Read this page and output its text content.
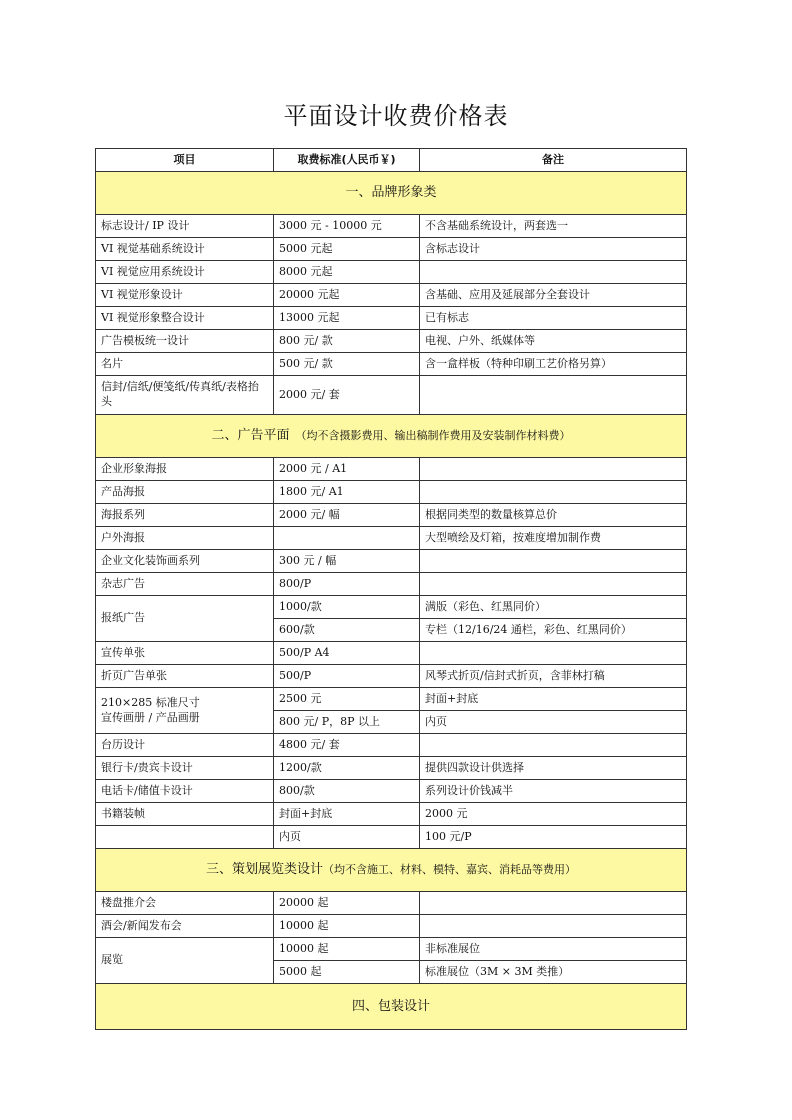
平面设计收费价格表
项目	取费标准(人民币￥)	备注
一、品牌形象类		
标志设计/ IP 设计	3000 元 - 10000 元	不含基础系统设计，两套选一
VI 视觉基础系统设计	5000 元起	含标志设计
VI 视觉应用系统设计	8000 元起	
VI 视觉形象设计	20000 元起	含基础、应用及延展部分全套设计
VI 视觉形象整合设计	13000 元起	已有标志
广告模板统一设计	800 元/ 款	电视、户外、纸媒体等
名片	500 元/ 款	含一盒样板（特种印刷工艺价格另算）
信封/信纸/便笺纸/传真纸/表格抬头	2000 元/ 套	
二、广告平面 （均不含摄影费用、输出稿制作费用及安装制作材料费）		
企业形象海报	2000 元 / A1	
产品海报	1800 元/ A1	
海报系列	2000 元/ 幅	根据同类型的数量核算总价
户外海报		大型喷绘及灯箱，按难度增加制作费
企业文化装饰画系列	300 元 / 幅	
杂志广告	800/P	
报纸广告	1000/款	满版（彩色、红黑同价）
	600/款	专栏（12/16/24 通栏，彩色、红黑同价）
宣传单张	500/P A4	
折页广告单张	500/P	风琴式折页/信封式折页，含菲林打稿

210×285 标准尺寸
宣传画册 / 产品画册	2500 元	封面+封底
	800 元/ P，8P 以上	内页
台历设计	4800 元/ 套	
银行卡/贵宾卡设计	1200/款	提供四款设计供选择
电话卡/储值卡设计	800/款	系列设计价钱减半
书籍装帧	封面+封底	2000 元
	内页	100 元/P
三、策划展览类设计（均不含施工、材料、模特、嘉宾、消耗品等费用）		
楼盘推介会	20000 起	
酒会/新闻发布会	10000 起	
展览	10000 起	非标准展位
	5000 起	标准展位（3M × 3M 类推）
四、包装设计		
